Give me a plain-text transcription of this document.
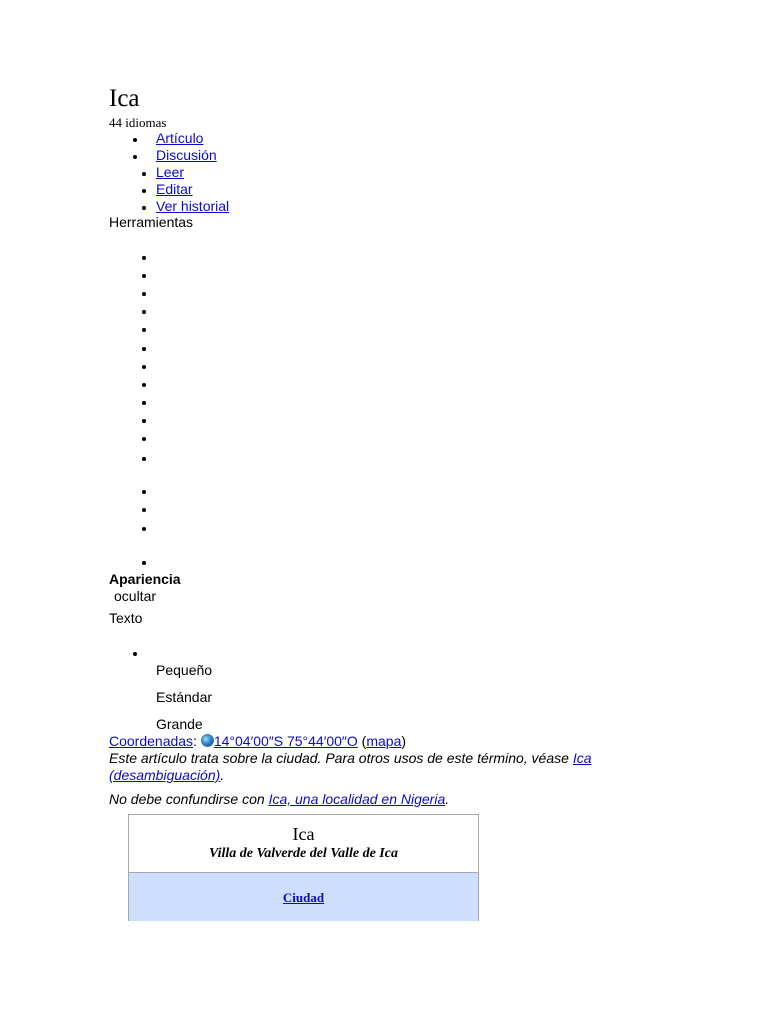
Ica
44 idiomas
Artículo
Discusión
Leer
Editar
Ver historial
Herramientas
Apariencia
ocultar
Texto
Pequeño
Estándar
Grande
Coordenadas: 14°04′00″S 75°44′00″O (mapa)
Este artículo trata sobre la ciudad. Para otros usos de este término, véase Ica (desambiguación).
No debe confundirse con Ica, una localidad en Nigeria.
Ica
Villa de Valverde del Valle de Ica
Ciudad
